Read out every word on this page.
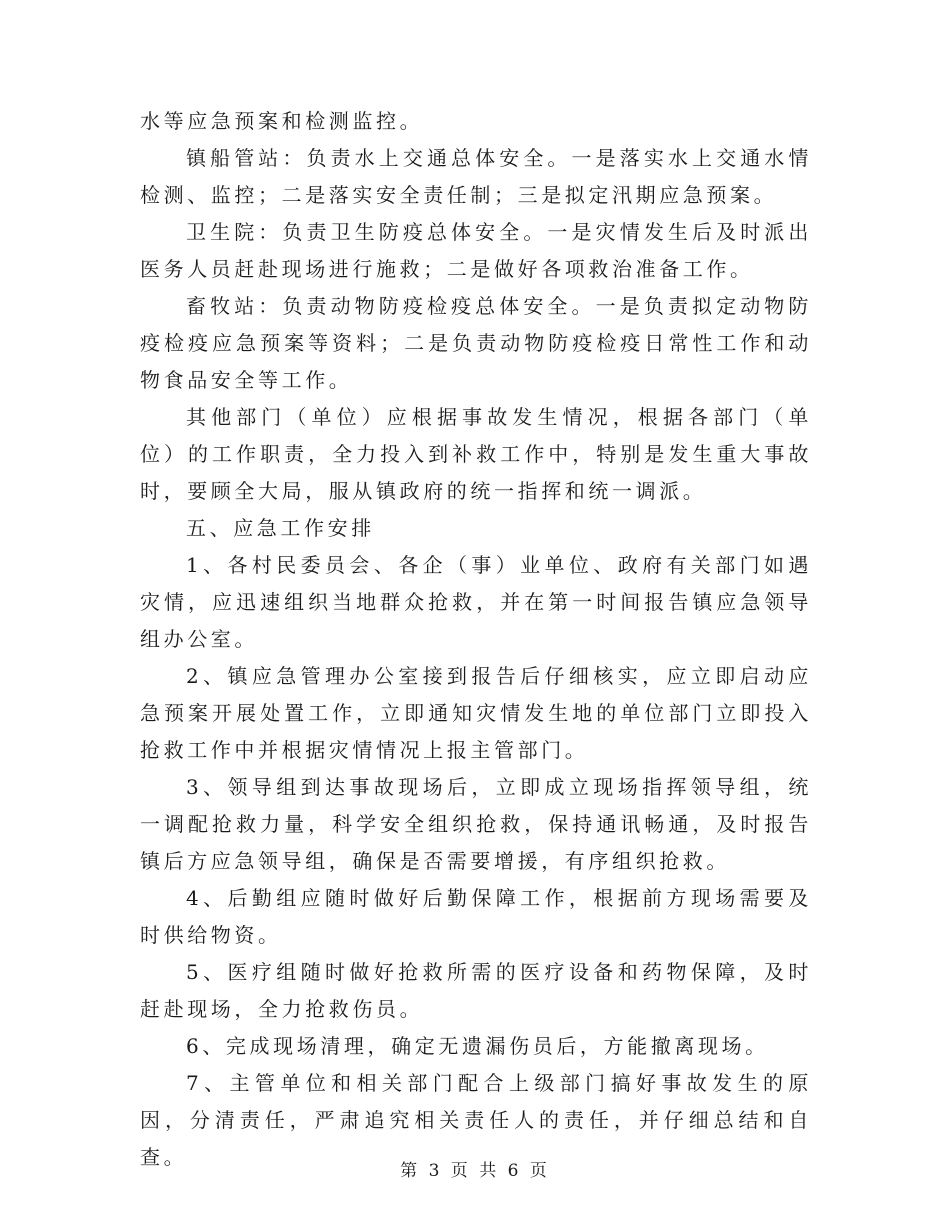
水等应急预案和检测监控。

镇船管站：负责水上交通总体安全。一是落实水上交通水情检测、监控；二是落实安全责任制；三是拟定汛期应急预案。

卫生院：负责卫生防疫总体安全。一是灾情发生后及时派出医务人员赶赴现场进行施救；二是做好各项救治准备工作。

畜牧站：负责动物防疫检疫总体安全。一是负责拟定动物防疫检疫应急预案等资料；二是负责动物防疫检疫日常性工作和动物食品安全等工作。

其他部门（单位）应根据事故发生情况，根据各部门（单位）的工作职责，全力投入到补救工作中，特别是发生重大事故时，要顾全大局，服从镇政府的统一指挥和统一调派。

五、应急工作安排

1、各村民委员会、各企（事）业单位、政府有关部门如遇灾情，应迅速组织当地群众抢救，并在第一时间报告镇应急领导组办公室。

2、镇应急管理办公室接到报告后仔细核实，应立即启动应急预案开展处置工作，立即通知灾情发生地的单位部门立即投入抢救工作中并根据灾情情况上报主管部门。

3、领导组到达事故现场后，立即成立现场指挥领导组，统一调配抢救力量，科学安全组织抢救，保持通讯畅通，及时报告镇后方应急领导组，确保是否需要增援，有序组织抢救。

4、后勤组应随时做好后勤保障工作，根据前方现场需要及时供给物资。

5、医疗组随时做好抢救所需的医疗设备和药物保障，及时赶赴现场，全力抢救伤员。

6、完成现场清理，确定无遗漏伤员后，方能撤离现场。

7、主管单位和相关部门配合上级部门搞好事故发生的原因，分清责任，严肃追究相关责任人的责任，并仔细总结和自查。

第 3 页 共 6 页
